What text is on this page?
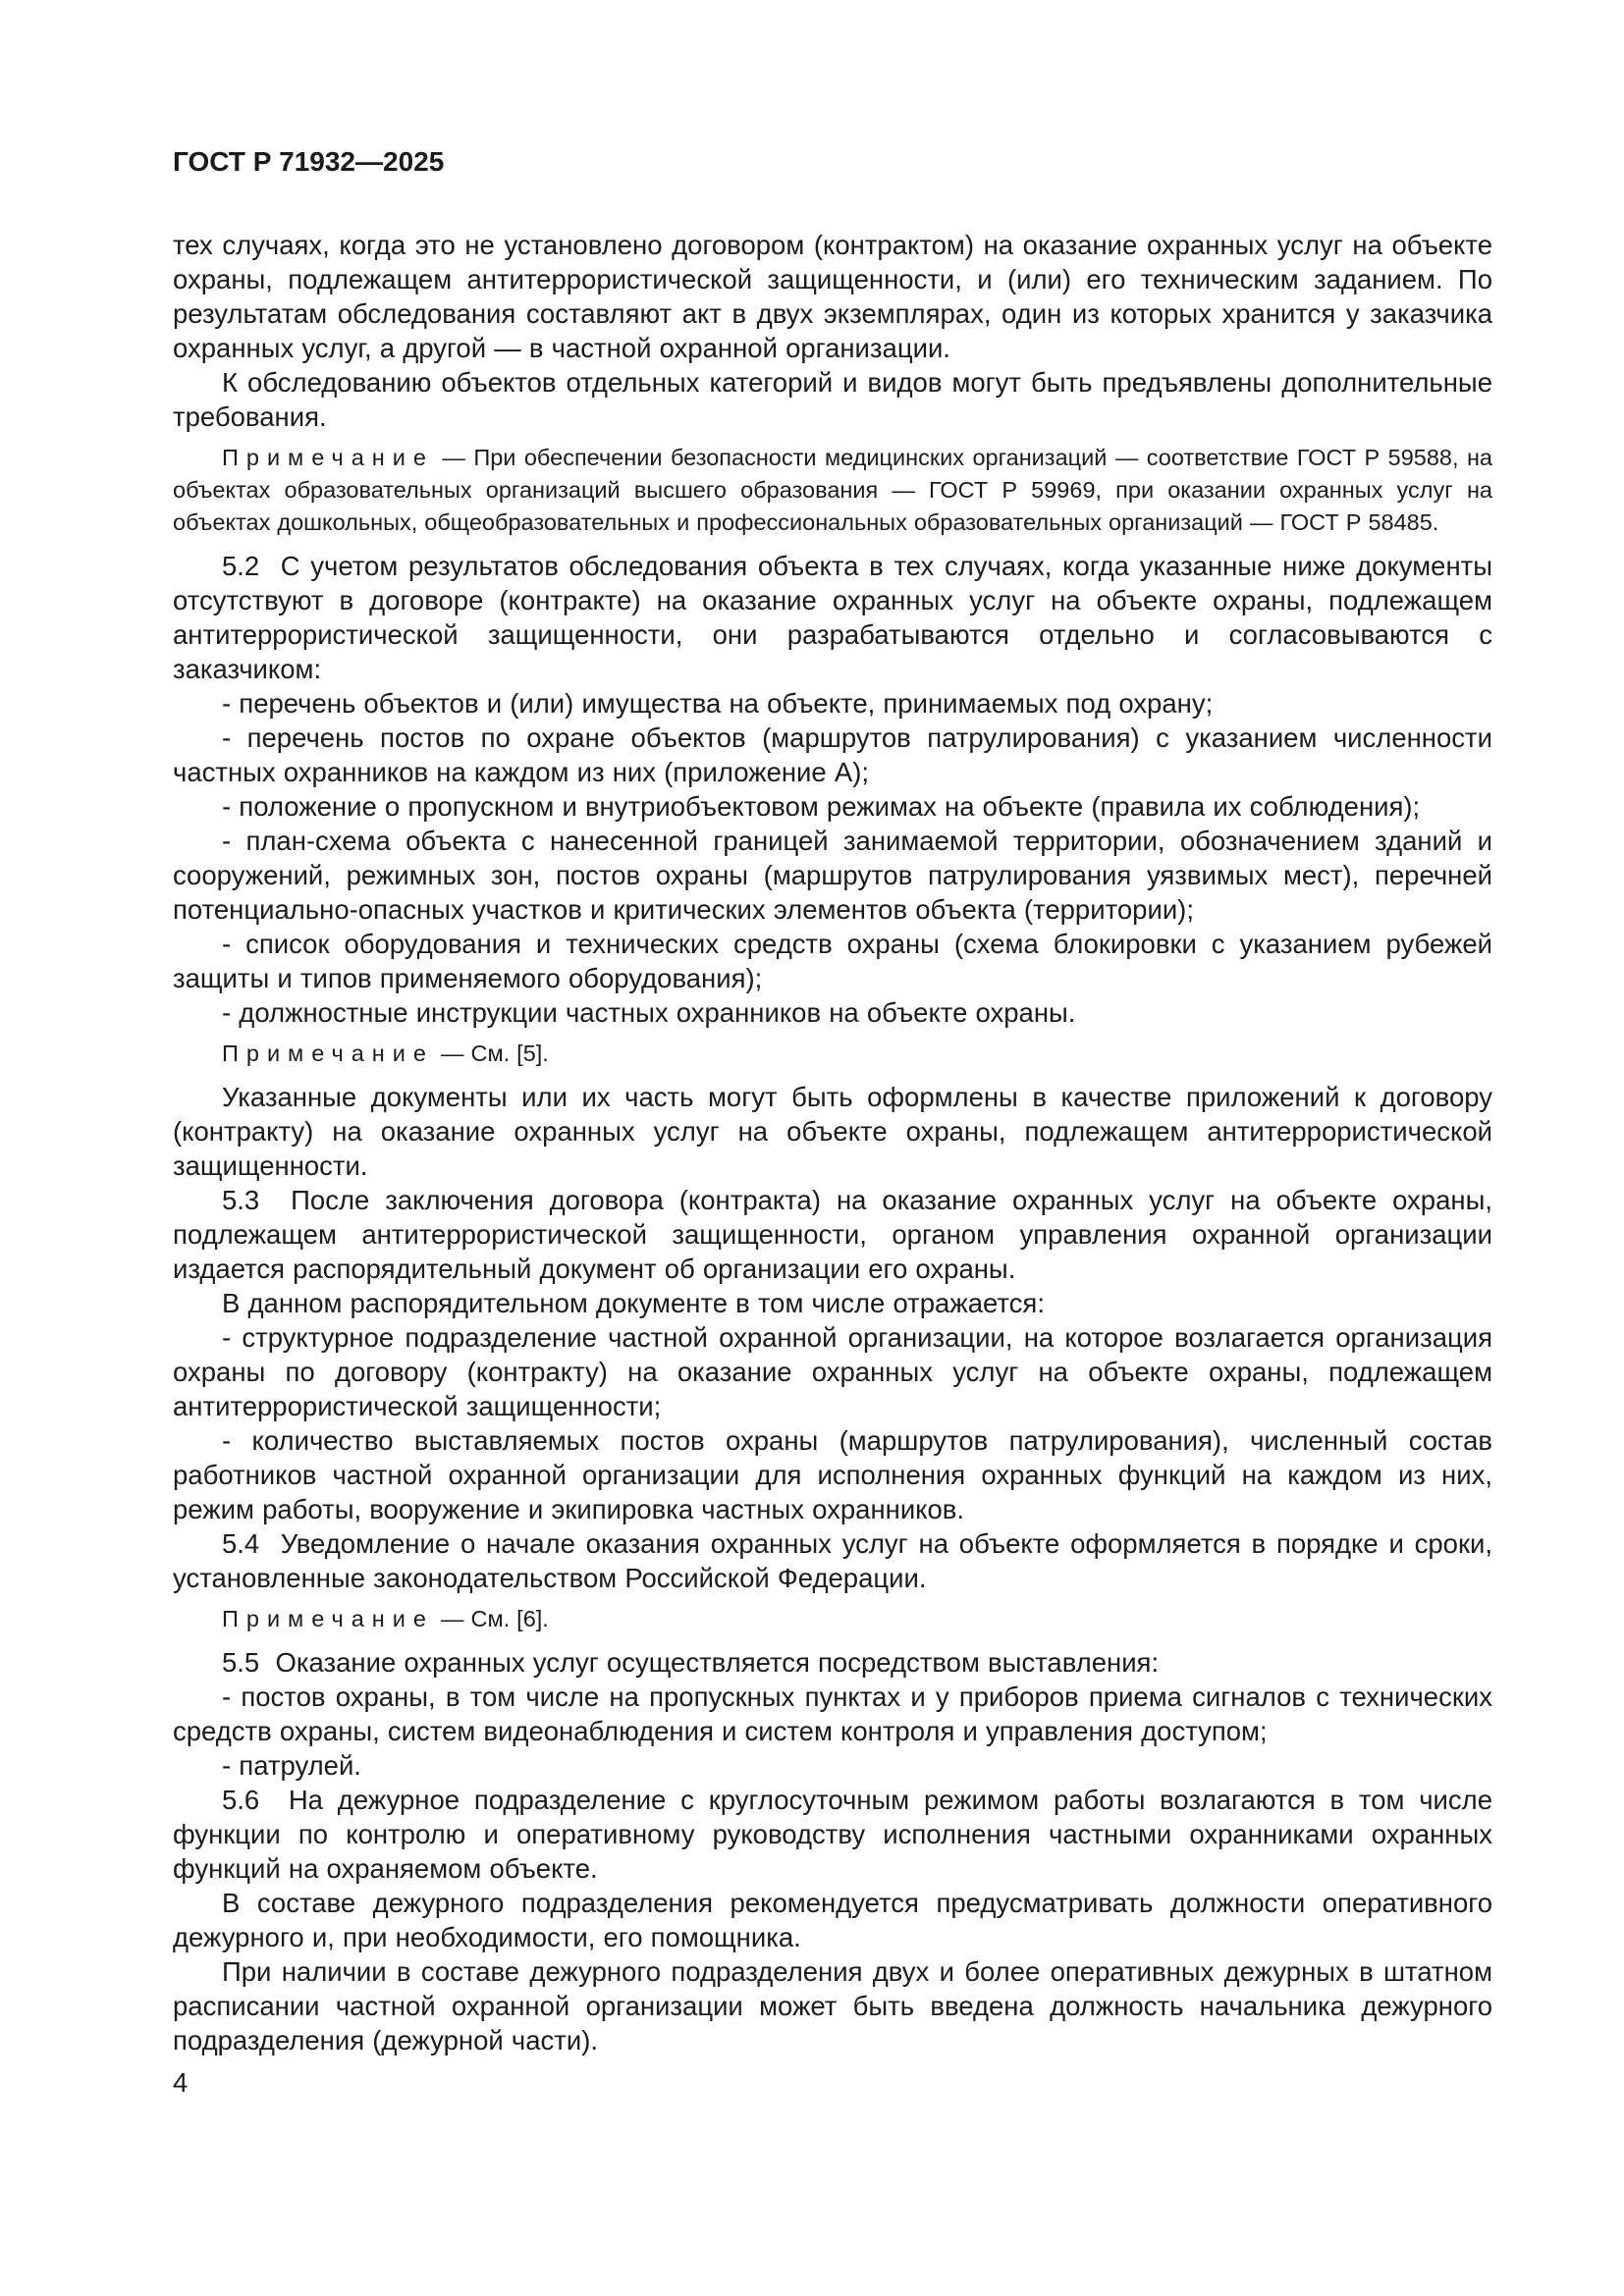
ГОСТ Р 71932—2025

тех случаях, когда это не установлено договором (контрактом) на оказание охранных услуг на объекте охраны, подлежащем антитеррористической защищенности, и (или) его техническим заданием. По результатам обследования составляют акт в двух экземплярах, один из которых хранится у заказчика охранных услуг, а другой — в частной охранной организации.

К обследованию объектов отдельных категорий и видов могут быть предъявлены дополнительные требования.

Примечание — При обеспечении безопасности медицинских организаций — соответствие ГОСТ Р 59588, на объектах образовательных организаций высшего образования — ГОСТ Р 59969, при оказании охранных услуг на объектах дошкольных, общеобразовательных и профессиональных образовательных организаций — ГОСТ Р 58485.

5.2  С учетом результатов обследования объекта в тех случаях, когда указанные ниже документы отсутствуют в договоре (контракте) на оказание охранных услуг на объекте охраны, подлежащем антитеррористической защищенности, они разрабатываются отдельно и согласовываются с заказчиком:

- перечень объектов и (или) имущества на объекте, принимаемых под охрану;

- перечень постов по охране объектов (маршрутов патрулирования) с указанием численности частных охранников на каждом из них (приложение А);

- положение о пропускном и внутриобъектовом режимах на объекте (правила их соблюдения);

- план-схема объекта с нанесенной границей занимаемой территории, обозначением зданий и сооружений, режимных зон, постов охраны (маршрутов патрулирования уязвимых мест), перечней потенциально-опасных участков и критических элементов объекта (территории);

- список оборудования и технических средств охраны (схема блокировки с указанием рубежей защиты и типов применяемого оборудования);

- должностные инструкции частных охранников на объекте охраны.

Примечание — См. [5].

Указанные документы или их часть могут быть оформлены в качестве приложений к договору (контракту) на оказание охранных услуг на объекте охраны, подлежащем антитеррористической защищенности.

5.3  После заключения договора (контракта) на оказание охранных услуг на объекте охраны, подлежащем антитеррористической защищенности, органом управления охранной организации издается распорядительный документ об организации его охраны.

В данном распорядительном документе в том числе отражается:

- структурное подразделение частной охранной организации, на которое возлагается организация охраны по договору (контракту) на оказание охранных услуг на объекте охраны, подлежащем антитеррористической защищенности;

- количество выставляемых постов охраны (маршрутов патрулирования), численный состав работников частной охранной организации для исполнения охранных функций на каждом из них, режим работы, вооружение и экипировка частных охранников.

5.4  Уведомление о начале оказания охранных услуг на объекте оформляется в порядке и сроки, установленные законодательством Российской Федерации.

Примечание — См. [6].

5.5  Оказание охранных услуг осуществляется посредством выставления:

- постов охраны, в том числе на пропускных пунктах и у приборов приема сигналов с технических средств охраны, систем видеонаблюдения и систем контроля и управления доступом;

- патрулей.

5.6  На дежурное подразделение с круглосуточным режимом работы возлагаются в том числе функции по контролю и оперативному руководству исполнения частными охранниками охранных функций на охраняемом объекте.

В составе дежурного подразделения рекомендуется предусматривать должности оперативного дежурного и, при необходимости, его помощника.

При наличии в составе дежурного подразделения двух и более оперативных дежурных в штатном расписании частной охранной организации может быть введена должность начальника дежурного подразделения (дежурной части).

4
